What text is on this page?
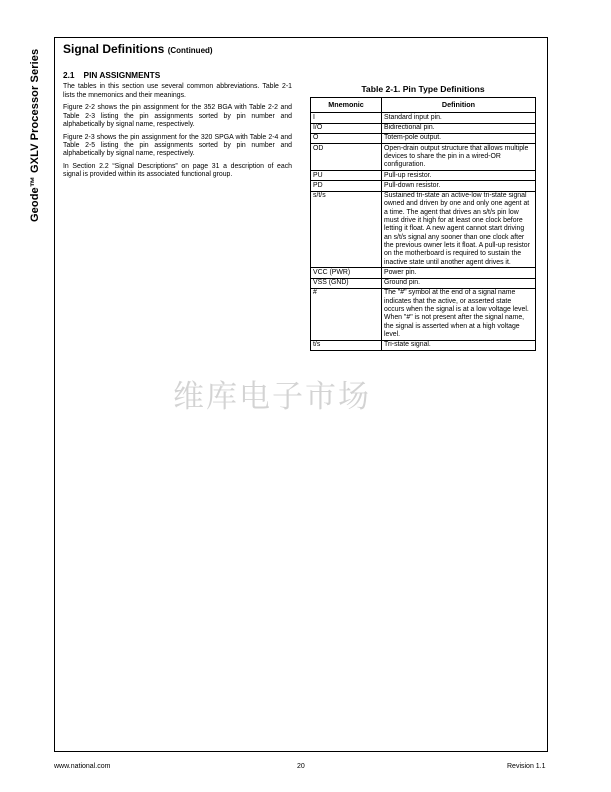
Geode™ GXLV Processor Series Signal Definitions (Continued)
2.1 PIN ASSIGNMENTS

The tables in this section use several common abbreviations. Table 2-1 lists the mnemonics and their meanings.

Figure 2-2 shows the pin assignment for the 352 BGA with Table 2-2 and Table 2-3 listing the pin assignments sorted by pin number and alphabetically by signal name, respectively.

Figure 2-3 shows the pin assignment for the 320 SPGA with Table 2-4 and Table 2-5 listing the pin assignments sorted by pin number and alphabetically by signal name, respectively.

In Section 2.2 “Signal Descriptions” on page 31 a description of each signal is provided within its associated functional group.

Table 2-1. Pin Type Definitions
Mnemonic	Definition
I	Standard input pin.
I/O	Bidirectional pin.
O	Totem-pole output.
OD	Open-drain output structure that allows multiple devices to share the pin in a wired-OR configuration.
PU	Pull-up resistor.
PD	Pull-down resistor.
s/t/s	Sustained tri-state an active-low tri-state signal owned and driven by one and only one agent at a time. The agent that drives an s/t/s pin low must drive it high for at least one clock before letting it float. A new agent cannot start driving an s/t/s signal any sooner than one clock after the previous owner lets it float. A pull-up resistor on the motherboard is required to sustain the inactive state until another agent drives it.
VCC (PWR)	Power pin.
VSS (GND)	Ground pin.
#	The "#" symbol at the end of a signal name indicates that the active, or asserted state occurs when the signal is at a low voltage level. When "#" is not present after the signal name, the signal is asserted when at a high voltage level.
t/s	Tri-state signal.
维库电子市场
www.national.com	20	Revision 1.1
